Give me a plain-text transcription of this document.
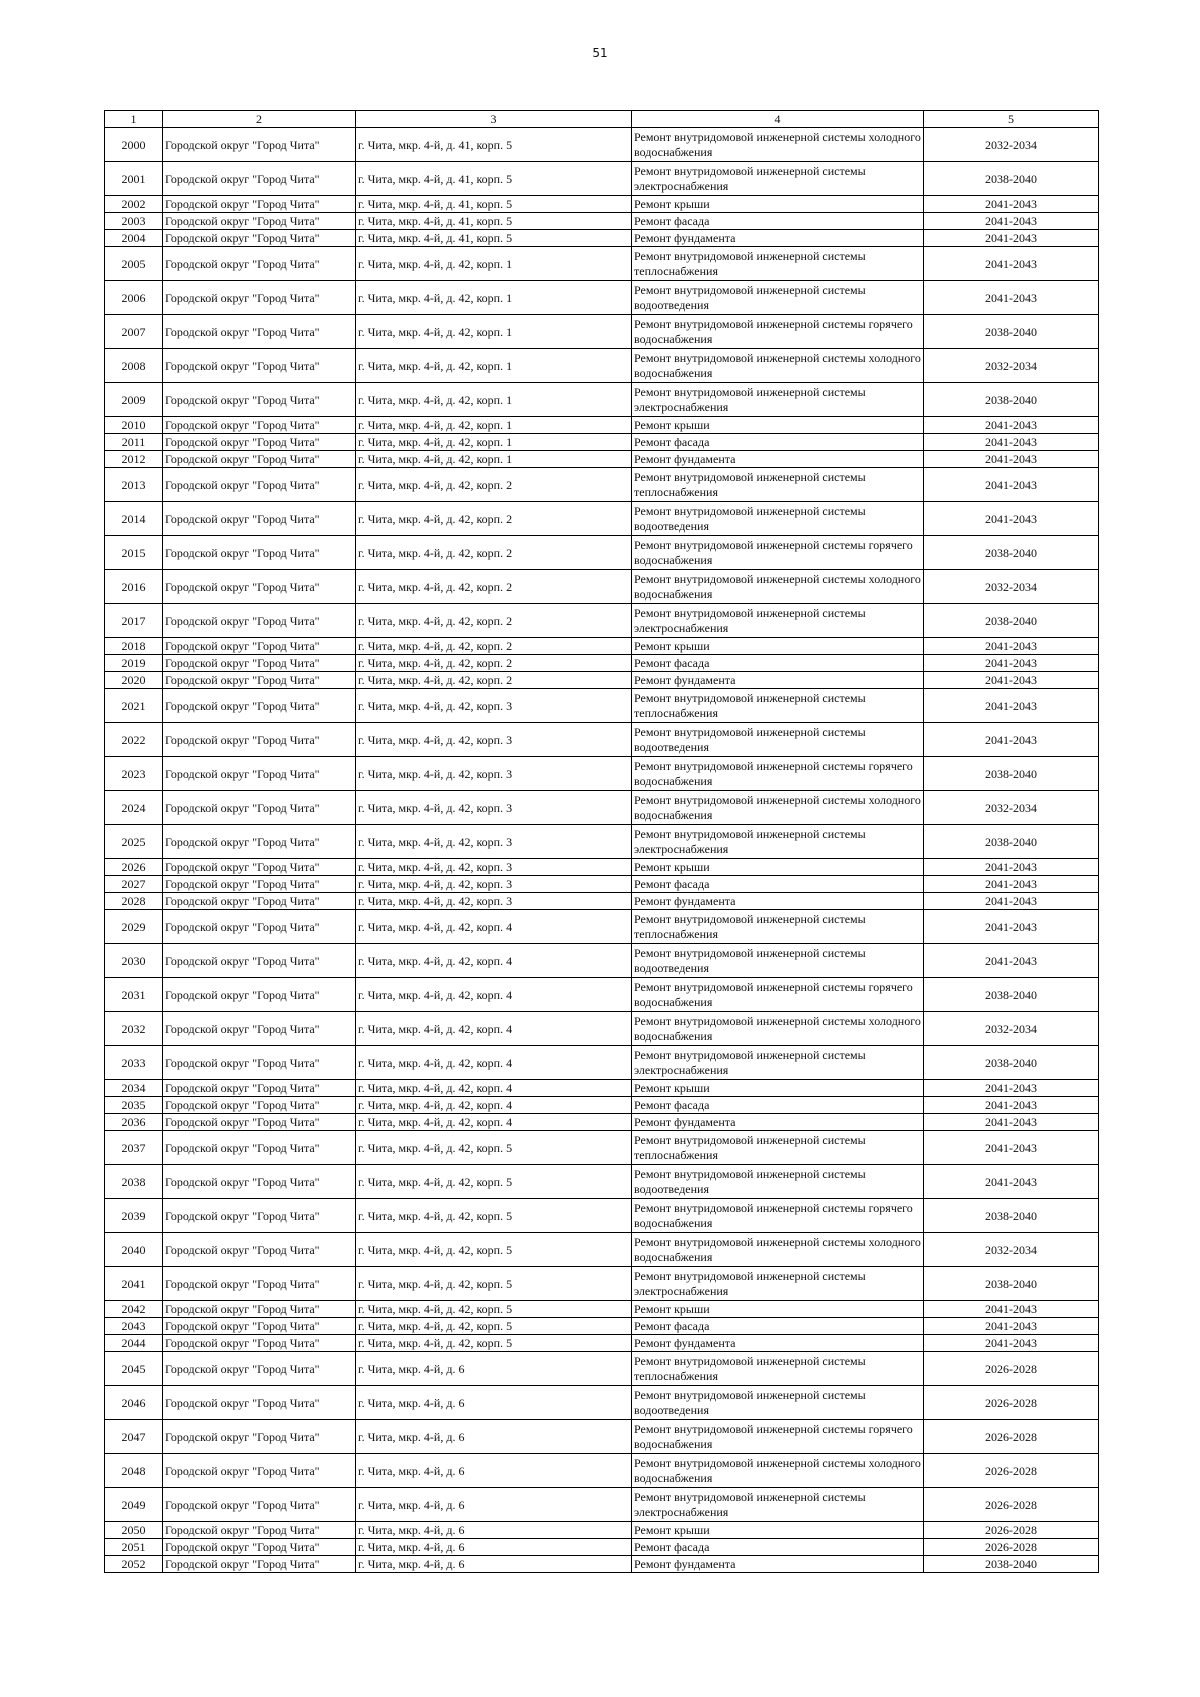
51
1	2	3	4	5
2000	Городской округ "Город Чита"	г. Чита, мкр. 4-й, д. 41, корп. 5	Ремонт внутридомовой инженерной системы холодного водоснабжения	2032-2034
2001	Городской округ "Город Чита"	г. Чита, мкр. 4-й, д. 41, корп. 5	Ремонт внутридомовой инженерной системы электроснабжения	2038-2040
2002	Городской округ "Город Чита"	г. Чита, мкр. 4-й, д. 41, корп. 5	Ремонт крыши	2041-2043
2003	Городской округ "Город Чита"	г. Чита, мкр. 4-й, д. 41, корп. 5	Ремонт фасада	2041-2043
2004	Городской округ "Город Чита"	г. Чита, мкр. 4-й, д. 41, корп. 5	Ремонт фундамента	2041-2043
2005	Городской округ "Город Чита"	г. Чита, мкр. 4-й, д. 42, корп. 1	Ремонт внутридомовой инженерной системы теплоснабжения	2041-2043
2006	Городской округ "Город Чита"	г. Чита, мкр. 4-й, д. 42, корп. 1	Ремонт внутридомовой инженерной системы водоотведения	2041-2043
2007	Городской округ "Город Чита"	г. Чита, мкр. 4-й, д. 42, корп. 1	Ремонт внутридомовой инженерной системы горячего водоснабжения	2038-2040
2008	Городской округ "Город Чита"	г. Чита, мкр. 4-й, д. 42, корп. 1	Ремонт внутридомовой инженерной системы холодного водоснабжения	2032-2034
2009	Городской округ "Город Чита"	г. Чита, мкр. 4-й, д. 42, корп. 1	Ремонт внутридомовой инженерной системы электроснабжения	2038-2040
2010	Городской округ "Город Чита"	г. Чита, мкр. 4-й, д. 42, корп. 1	Ремонт крыши	2041-2043
2011	Городской округ "Город Чита"	г. Чита, мкр. 4-й, д. 42, корп. 1	Ремонт фасада	2041-2043
2012	Городской округ "Город Чита"	г. Чита, мкр. 4-й, д. 42, корп. 1	Ремонт фундамента	2041-2043
2013	Городской округ "Город Чита"	г. Чита, мкр. 4-й, д. 42, корп. 2	Ремонт внутридомовой инженерной системы теплоснабжения	2041-2043
2014	Городской округ "Город Чита"	г. Чита, мкр. 4-й, д. 42, корп. 2	Ремонт внутридомовой инженерной системы водоотведения	2041-2043
2015	Городской округ "Город Чита"	г. Чита, мкр. 4-й, д. 42, корп. 2	Ремонт внутридомовой инженерной системы горячего водоснабжения	2038-2040
2016	Городской округ "Город Чита"	г. Чита, мкр. 4-й, д. 42, корп. 2	Ремонт внутридомовой инженерной системы холодного водоснабжения	2032-2034
2017	Городской округ "Город Чита"	г. Чита, мкр. 4-й, д. 42, корп. 2	Ремонт внутридомовой инженерной системы электроснабжения	2038-2040
2018	Городской округ "Город Чита"	г. Чита, мкр. 4-й, д. 42, корп. 2	Ремонт крыши	2041-2043
2019	Городской округ "Город Чита"	г. Чита, мкр. 4-й, д. 42, корп. 2	Ремонт фасада	2041-2043
2020	Городской округ "Город Чита"	г. Чита, мкр. 4-й, д. 42, корп. 2	Ремонт фундамента	2041-2043
2021	Городской округ "Город Чита"	г. Чита, мкр. 4-й, д. 42, корп. 3	Ремонт внутридомовой инженерной системы теплоснабжения	2041-2043
2022	Городской округ "Город Чита"	г. Чита, мкр. 4-й, д. 42, корп. 3	Ремонт внутридомовой инженерной системы водоотведения	2041-2043
2023	Городской округ "Город Чита"	г. Чита, мкр. 4-й, д. 42, корп. 3	Ремонт внутридомовой инженерной системы горячего водоснабжения	2038-2040
2024	Городской округ "Город Чита"	г. Чита, мкр. 4-й, д. 42, корп. 3	Ремонт внутридомовой инженерной системы холодного водоснабжения	2032-2034
2025	Городской округ "Город Чита"	г. Чита, мкр. 4-й, д. 42, корп. 3	Ремонт внутридомовой инженерной системы электроснабжения	2038-2040
2026	Городской округ "Город Чита"	г. Чита, мкр. 4-й, д. 42, корп. 3	Ремонт крыши	2041-2043
2027	Городской округ "Город Чита"	г. Чита, мкр. 4-й, д. 42, корп. 3	Ремонт фасада	2041-2043
2028	Городской округ "Город Чита"	г. Чита, мкр. 4-й, д. 42, корп. 3	Ремонт фундамента	2041-2043
2029	Городской округ "Город Чита"	г. Чита, мкр. 4-й, д. 42, корп. 4	Ремонт внутридомовой инженерной системы теплоснабжения	2041-2043
2030	Городской округ "Город Чита"	г. Чита, мкр. 4-й, д. 42, корп. 4	Ремонт внутридомовой инженерной системы водоотведения	2041-2043
2031	Городской округ "Город Чита"	г. Чита, мкр. 4-й, д. 42, корп. 4	Ремонт внутридомовой инженерной системы горячего водоснабжения	2038-2040
2032	Городской округ "Город Чита"	г. Чита, мкр. 4-й, д. 42, корп. 4	Ремонт внутридомовой инженерной системы холодного водоснабжения	2032-2034
2033	Городской округ "Город Чита"	г. Чита, мкр. 4-й, д. 42, корп. 4	Ремонт внутридомовой инженерной системы электроснабжения	2038-2040
2034	Городской округ "Город Чита"	г. Чита, мкр. 4-й, д. 42, корп. 4	Ремонт крыши	2041-2043
2035	Городской округ "Город Чита"	г. Чита, мкр. 4-й, д. 42, корп. 4	Ремонт фасада	2041-2043
2036	Городской округ "Город Чита"	г. Чита, мкр. 4-й, д. 42, корп. 4	Ремонт фундамента	2041-2043
2037	Городской округ "Город Чита"	г. Чита, мкр. 4-й, д. 42, корп. 5	Ремонт внутридомовой инженерной системы теплоснабжения	2041-2043
2038	Городской округ "Город Чита"	г. Чита, мкр. 4-й, д. 42, корп. 5	Ремонт внутридомовой инженерной системы водоотведения	2041-2043
2039	Городской округ "Город Чита"	г. Чита, мкр. 4-й, д. 42, корп. 5	Ремонт внутридомовой инженерной системы горячего водоснабжения	2038-2040
2040	Городской округ "Город Чита"	г. Чита, мкр. 4-й, д. 42, корп. 5	Ремонт внутридомовой инженерной системы холодного водоснабжения	2032-2034
2041	Городской округ "Город Чита"	г. Чита, мкр. 4-й, д. 42, корп. 5	Ремонт внутридомовой инженерной системы электроснабжения	2038-2040
2042	Городской округ "Город Чита"	г. Чита, мкр. 4-й, д. 42, корп. 5	Ремонт крыши	2041-2043
2043	Городской округ "Город Чита"	г. Чита, мкр. 4-й, д. 42, корп. 5	Ремонт фасада	2041-2043
2044	Городской округ "Город Чита"	г. Чита, мкр. 4-й, д. 42, корп. 5	Ремонт фундамента	2041-2043
2045	Городской округ "Город Чита"	г. Чита, мкр. 4-й, д. 6	Ремонт внутридомовой инженерной системы теплоснабжения	2026-2028
2046	Городской округ "Город Чита"	г. Чита, мкр. 4-й, д. 6	Ремонт внутридомовой инженерной системы водоотведения	2026-2028
2047	Городской округ "Город Чита"	г. Чита, мкр. 4-й, д. 6	Ремонт внутридомовой инженерной системы горячего водоснабжения	2026-2028
2048	Городской округ "Город Чита"	г. Чита, мкр. 4-й, д. 6	Ремонт внутридомовой инженерной системы холодного водоснабжения	2026-2028
2049	Городской округ "Город Чита"	г. Чита, мкр. 4-й, д. 6	Ремонт внутридомовой инженерной системы электроснабжения	2026-2028
2050	Городской округ "Город Чита"	г. Чита, мкр. 4-й, д. 6	Ремонт крыши	2026-2028
2051	Городской округ "Город Чита"	г. Чита, мкр. 4-й, д. 6	Ремонт фасада	2026-2028
2052	Городской округ "Город Чита"	г. Чита, мкр. 4-й, д. 6	Ремонт фундамента	2038-2040
